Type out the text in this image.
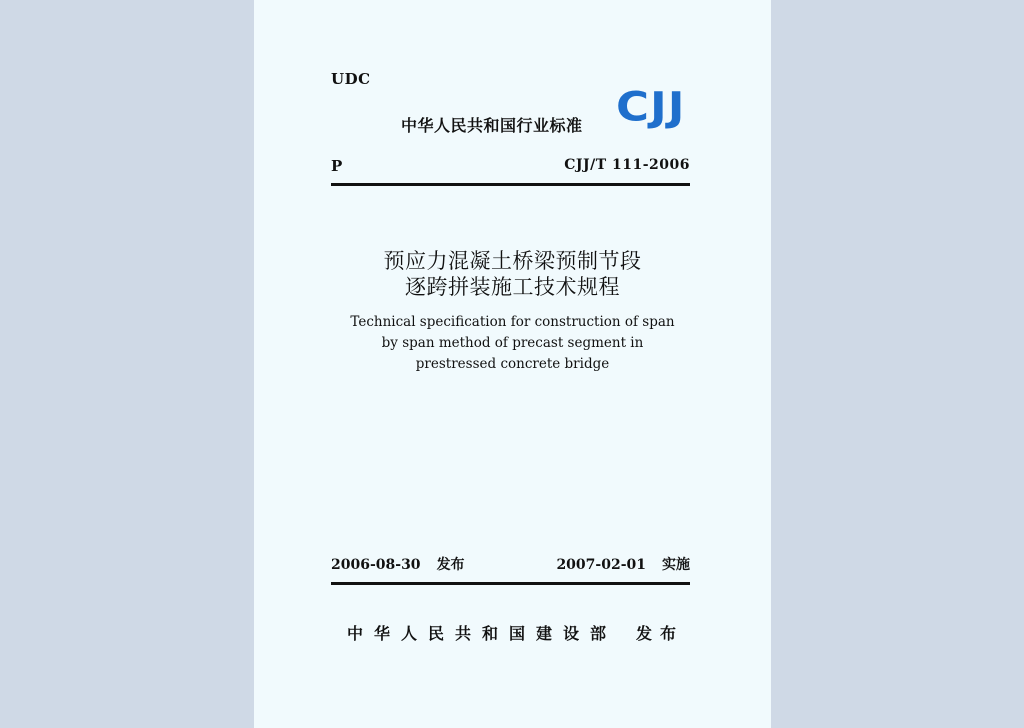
UDC
中华人民共和国行业标准 CJJ
P	CJJ/T 111-2006
预应力混凝土桥梁预制节段
逐跨拼装施工技术规程
Technical specification for construction of span
by span method of precast segment in
prestressed concrete bridge
2006-08-30 发布	2007-02-01 实施
中华人民共和国建设部 发布
